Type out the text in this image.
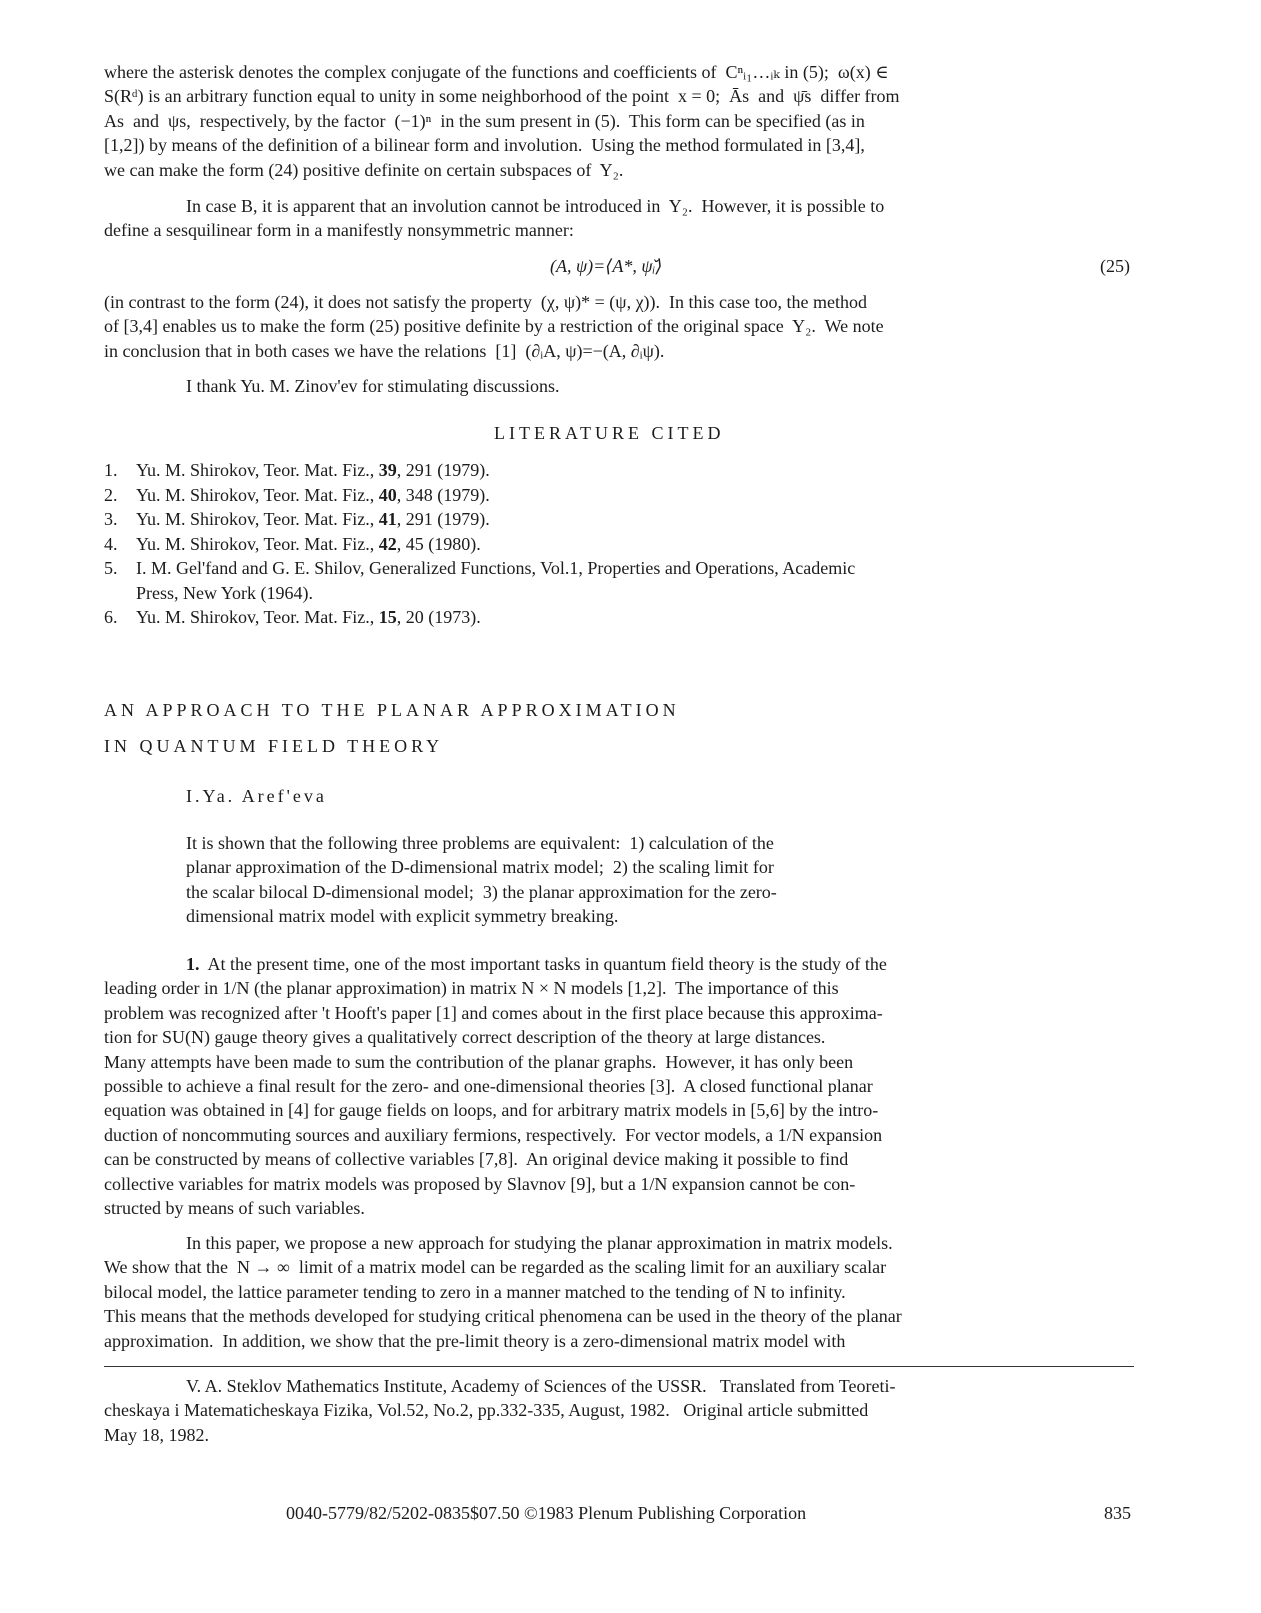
where the asterisk denotes the complex conjugate of the functions and coefficients of  Cⁿᵢ₁…ᵢₖ in (5);  ω(x) ∈
S(Rᵈ) is an arbitrary function equal to unity in some neighborhood of the point  x = 0;  Ās  and  ψ̄s  differ from
As  and  ψs,  respectively, by the factor  (−1)ⁿ  in the sum present in (5).  This form can be specified (as in
[1,2]) by means of the definition of a bilinear form and involution.  Using the method formulated in [3,4],
we can make the form (24) positive definite on certain subspaces of  Y₂.
In case B, it is apparent that an involution cannot be introduced in  Y₂.  However, it is possible to
define a sesquilinear form in a manifestly nonsymmetric manner:
(A, ψ)=⟨A*, ψ̌ᵢ⟩	(25)
(in contrast to the form (24), it does not satisfy the property  (χ, ψ)* = (ψ, χ)).  In this case too, the method
of [3,4] enables us to make the form (25) positive definite by a restriction of the original space  Y₂.  We note
in conclusion that in both cases we have the relations  [1]  (∂ᵢA, ψ)=−(A, ∂ᵢψ).
I thank Yu. M. Zinov'ev for stimulating discussions.
LITERATURE CITED
1.	Yu. M. Shirokov, Teor. Mat. Fiz., 39, 291 (1979).
2.	Yu. M. Shirokov, Teor. Mat. Fiz., 40, 348 (1979).
3.	Yu. M. Shirokov, Teor. Mat. Fiz., 41, 291 (1979).
4.	Yu. M. Shirokov, Teor. Mat. Fiz., 42, 45 (1980).
5.	I. M. Gel'fand and G. E. Shilov, Generalized Functions, Vol.1, Properties and Operations, Academic
Press, New York (1964).
6.	Yu. M. Shirokov, Teor. Mat. Fiz., 15, 20 (1973).
AN APPROACH TO THE PLANAR APPROXIMATION
IN QUANTUM FIELD THEORY
I.Ya. Aref'eva
It is shown that the following three problems are equivalent:  1) calculation of the
planar approximation of the D-dimensional matrix model;  2) the scaling limit for
the scalar bilocal D-dimensional model;  3) the planar approximation for the zero-
dimensional matrix model with explicit symmetry breaking.
1. At the present time, one of the most important tasks in quantum field theory is the study of the
leading order in 1/N (the planar approximation) in matrix N × N models [1,2].  The importance of this
problem was recognized after 't Hooft's paper [1] and comes about in the first place because this approxima-
tion for SU(N) gauge theory gives a qualitatively correct description of the theory at large distances.
Many attempts have been made to sum the contribution of the planar graphs.  However, it has only been
possible to achieve a final result for the zero- and one-dimensional theories [3].  A closed functional planar
equation was obtained in [4] for gauge fields on loops, and for arbitrary matrix models in [5,6] by the intro-
duction of noncommuting sources and auxiliary fermions, respectively.  For vector models, a 1/N expansion
can be constructed by means of collective variables [7,8].  An original device making it possible to find
collective variables for matrix models was proposed by Slavnov [9], but a 1/N expansion cannot be con-
structed by means of such variables.
In this paper, we propose a new approach for studying the planar approximation in matrix models.
We show that the  N → ∞  limit of a matrix model can be regarded as the scaling limit for an auxiliary scalar
bilocal model, the lattice parameter tending to zero in a manner matched to the tending of N to infinity.
This means that the methods developed for studying critical phenomena can be used in the theory of the planar
approximation.  In addition, we show that the pre-limit theory is a zero-dimensional matrix model with
V. A. Steklov Mathematics Institute, Academy of Sciences of the USSR.   Translated from Teoreti-
cheskaya i Matematicheskaya Fizika, Vol.52, No.2, pp.332-335, August, 1982.   Original article submitted
May 18, 1982.
0040-5779/82/5202-0835$07.50 ©1983 Plenum Publishing Corporation	835
